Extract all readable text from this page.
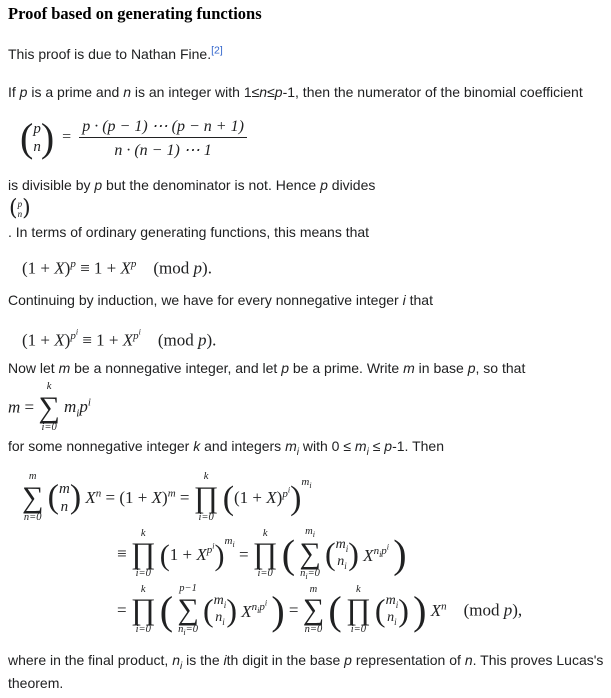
Proof based on generating functions
This proof is due to Nathan Fine.[2]
If p is a prime and n is an integer with 1≤n≤p-1, then the numerator of the binomial coefficient
( p
n )  = $\frac{p \cdot (p - 1) \cdots (p - n + 1)}{n \cdot (n - 1) \cdots 1}$
is divisible by p but the denominator is not. Hence p divides
( p
n )
. In terms of ordinary generating functions, this means that
$(1 + X)^p \equiv 1 + X^p$    (mod p).
Continuing by induction, we have for every nonnegative integer i that
$(1 + X)^{p^i} \equiv 1 + X^{p^i}$    (mod p).
Now let m be a nonnegative integer, and let p be a prime. Write m in base p, so that
m =
k
∑
i=0
$m_ip^i$
for some nonnegative integer k and integers $m_i$ with $0 \le m_i \le p-1$. Then
m
∑
n=0
( m
n ) $X^n = (1 + X)^m$ =
k
∏
i=0 $((1 + X)^{p^i})^{m_i}$
≡
k
∏
i=0
$(1 + X^{p^i})^{m_i}$ =
k
∏
i=0 (
$m_i$
∑
$n_i=0$
( $m_i$
$n_i$ ) $X^{n_ip^i}$ )
=
k
∏
i=0 ( p−1
∑
$n_i=0$
( $m_i$
$n_i$ ) $X^{n_ip^i}$ ) =
m
∑
n=0 ( k
∏
i=0
( $m_i$
$n_i$ ) ) $X^n$    (mod p),
where in the final product, $n_i$ is the ith digit in the base p representation of n. This proves Lucas's
theorem.
